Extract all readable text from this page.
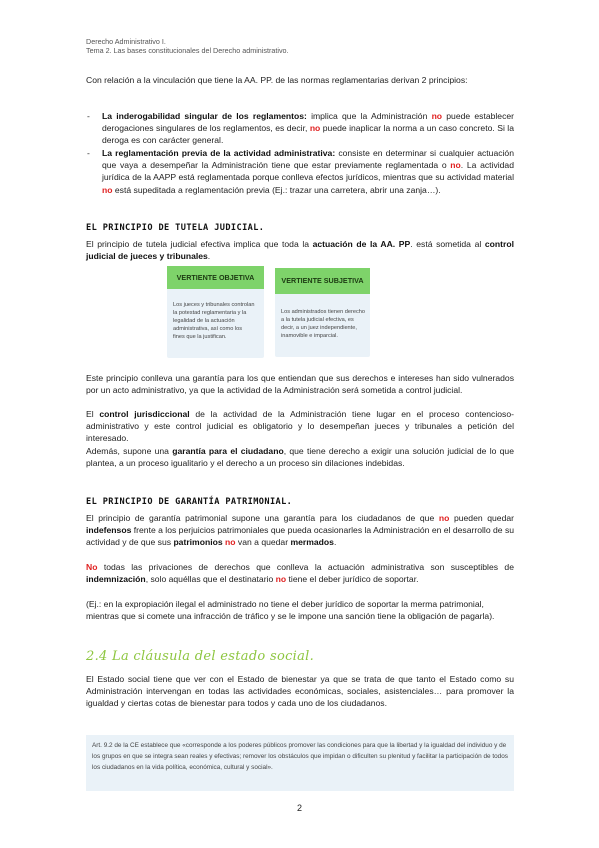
Derecho Administrativo I.
Tema 2. Las bases constitucionales del Derecho administrativo.
Con relación a la vinculación que tiene la AA. PP. de las normas reglamentarias derivan 2 principios:
- La inderogabilidad singular de los reglamentos: implica que la Administración no puede establecer derogaciones singulares de los reglamentos, es decir, no puede inaplicar la norma a un caso concreto. Si la deroga es con carácter general.
- La reglamentación previa de la actividad administrativa: consiste en determinar si cualquier actuación que vaya a desempeñar la Administración tiene que estar previamente reglamentada o no. La actividad jurídica de la AAPP está reglamentada porque conlleva efectos jurídicos, mientras que su actividad material no está supeditada a reglamentación previa (Ej.: trazar una carretera, abrir una zanja…).
EL PRINCIPIO DE TUTELA JUDICIAL.
El principio de tutela judicial efectiva implica que toda la actuación de la AA. PP. está sometida al control judicial de jueces y tribunales.
VERTIENTE OBJETIVA
Los jueces y tribunales controlan la potestad reglamentaria y la legalidad de la actuación administrativa, así como los fines que la justifican.
VERTIENTE SUBJETIVA
Los administrados tienen derecho a la tutela judicial efectiva, es decir, a un juez independiente, inamovible e imparcial.
Este principio conlleva una garantía para los que entiendan que sus derechos e intereses han sido vulnerados por un acto administrativo, ya que la actividad de la Administración será sometida a control judicial.
El control jurisdiccional de la actividad de la Administración tiene lugar en el proceso contencioso-administrativo y este control judicial es obligatorio y lo desempeñan jueces y tribunales a petición del interesado.
Además, supone una garantía para el ciudadano, que tiene derecho a exigir una solución judicial de lo que plantea, a un proceso igualitario y el derecho a un proceso sin dilaciones indebidas.
EL PRINCIPIO DE GARANTÍA PATRIMONIAL.
El principio de garantía patrimonial supone una garantía para los ciudadanos de que no pueden quedar indefensos frente a los perjuicios patrimoniales que pueda ocasionarles la Administración en el desarrollo de su actividad y de que sus patrimonios no van a quedar mermados.
No todas las privaciones de derechos que conlleva la actuación administrativa son susceptibles de indemnización, solo aquéllas que el destinatario no tiene el deber jurídico de soportar.
(Ej.: en la expropiación ilegal el administrado no tiene el deber jurídico de soportar la merma patrimonial, mientras que si comete una infracción de tráfico y se le impone una sanción tiene la obligación de pagarla).
2.4 La cláusula del estado social.
El Estado social tiene que ver con el Estado de bienestar ya que se trata de que tanto el Estado como su Administración intervengan en todas las actividades económicas, sociales, asistenciales… para promover la igualdad y ciertas cotas de bienestar para todos y cada uno de los ciudadanos.
Art. 9.2 de la CE establece que «corresponde a los poderes públicos promover las condiciones para que la libertad y la igualdad del individuo y de los grupos en que se integra sean reales y efectivas; remover los obstáculos que impidan o dificulten su plenitud y facilitar la participación de todos los ciudadanos en la vida política, económica, cultural y social».
2
